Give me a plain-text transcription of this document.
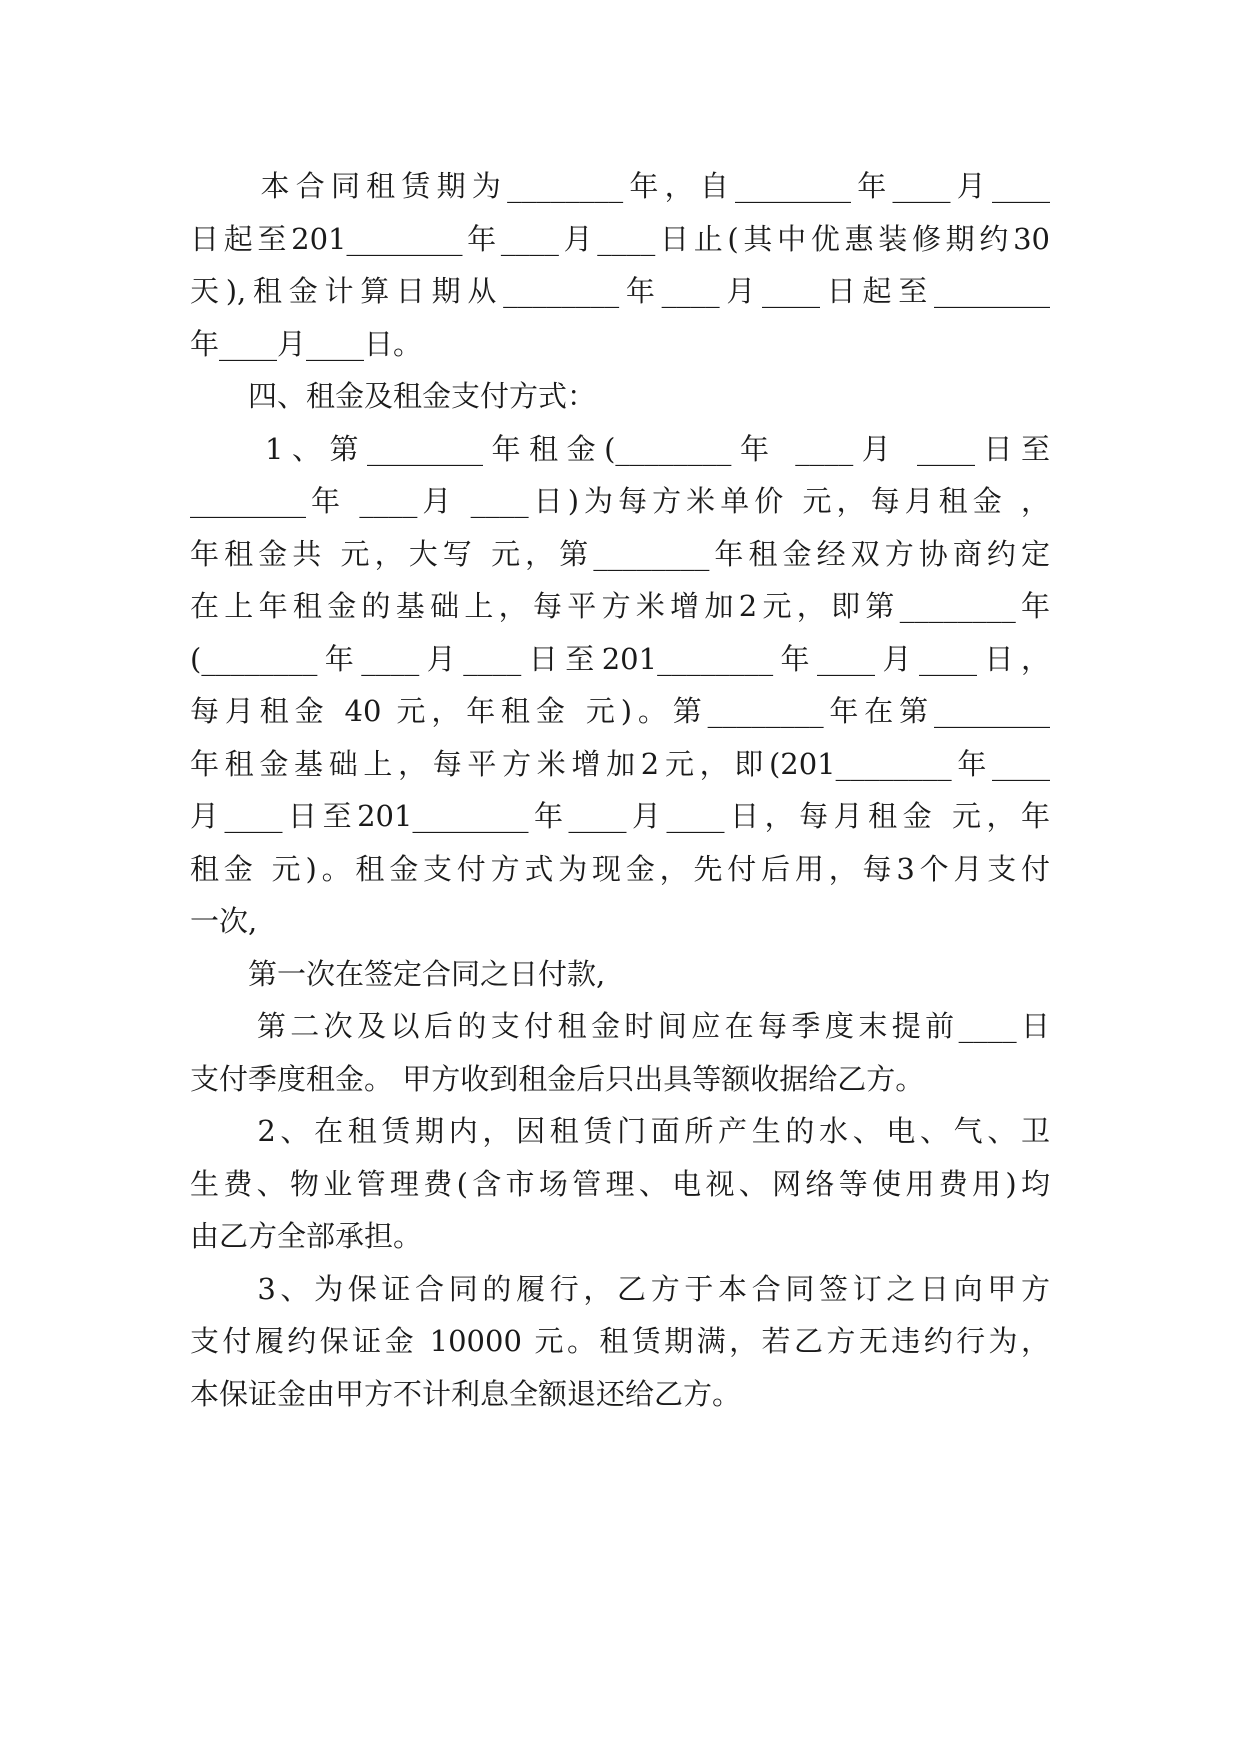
　　本合同租赁期为________年，自________年____月____
日起至201________年____月____日止(其中优惠装修期约30
天),租金计算日期从________年____月____日起至________
年____月____日。
　　四、租金及租金支付方式：
　　1、第________年租金(________年 ____月 ____日至
________年 ____月 ____日)为每方米单价 元，每月租金 ，
年租金共 元，大写 元，第________年租金经双方协商约定
在上年租金的基础上，每平方米增加2元，即第________年
(________年____月____日至201________年____月____日，
每月租金 40 元，年租金 元)。第________年在第________
年租金基础上，每平方米增加2元，即(201________年____
月____日至201________年____月____日，每月租金 元，年
租金 元)。租金支付方式为现金，先付后用，每3个月支付
一次,
　　第一次在签定合同之日付款,
　　第二次及以后的支付租金时间应在每季度末提前____日
支付季度租金。 甲方收到租金后只出具等额收据给乙方。
　　2、在租赁期内，因租赁门面所产生的水、电、气、卫
生费、物业管理费(含市场管理、电视、网络等使用费用)均
由乙方全部承担。
　　3、为保证合同的履行，乙方于本合同签订之日向甲方
支付履约保证金 10000 元。租赁期满，若乙方无违约行为，
本保证金由甲方不计利息全额退还给乙方。
